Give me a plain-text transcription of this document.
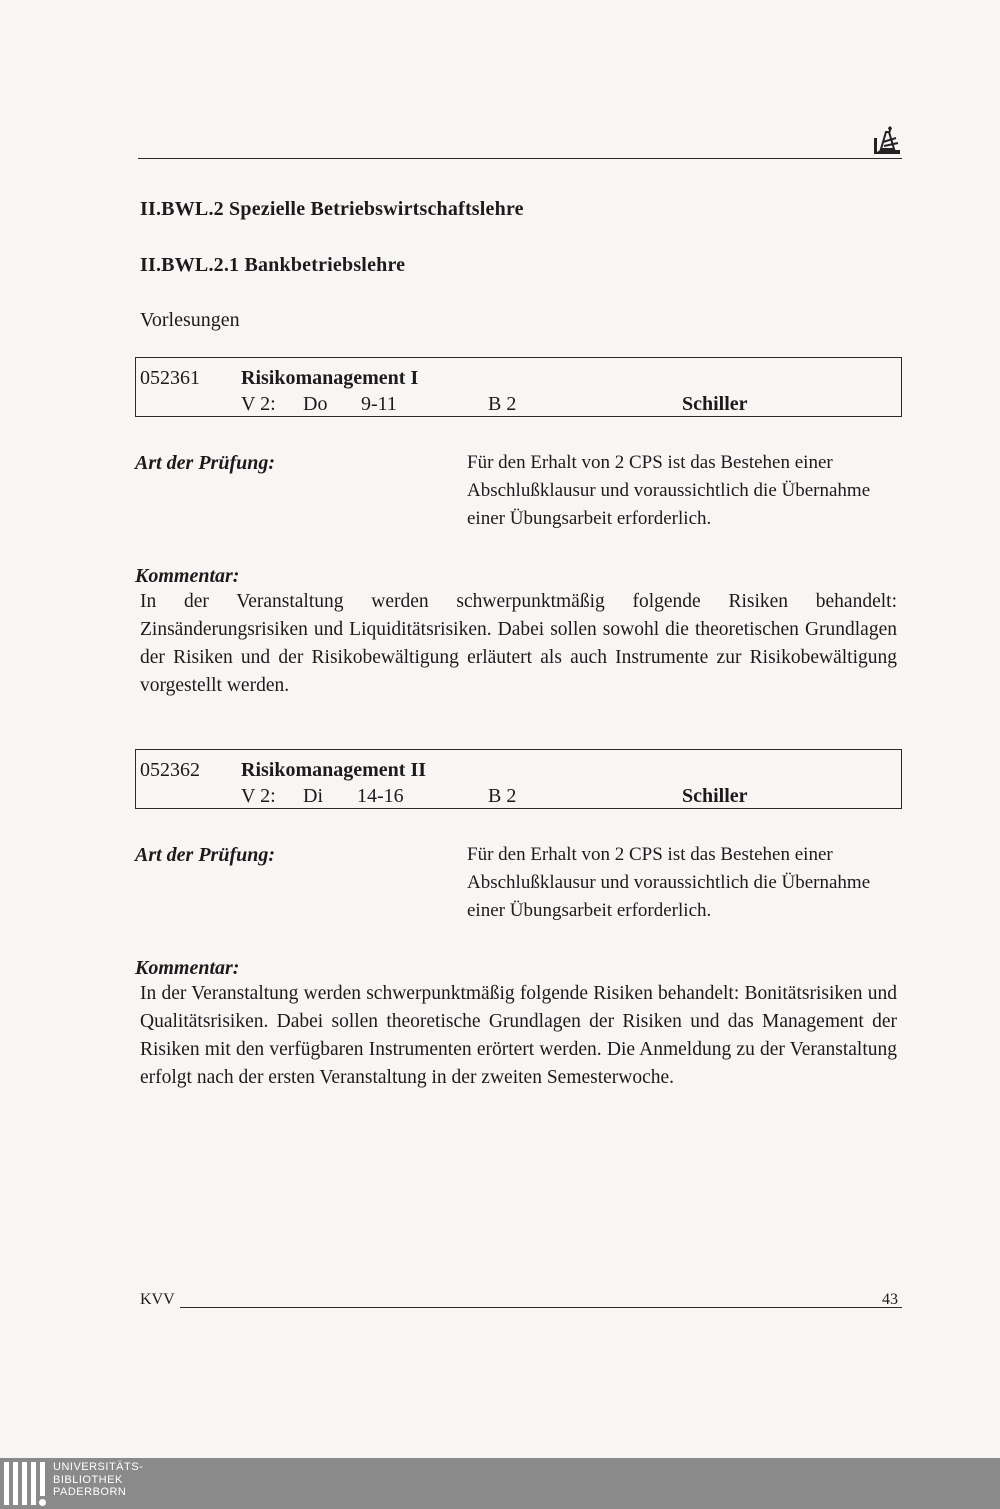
II.BWL.2 Spezielle Betriebswirtschaftslehre
II.BWL.2.1 Bankbetriebslehre
Vorlesungen
052361 Risikomanagement I
V 2: Do 9-11	B 2	Schiller
Art der Prüfung:	Für den Erhalt von 2 CPS ist das Bestehen einer Abschlußklausur und voraussichtlich die Übernahme einer Übungsarbeit erforderlich.
Kommentar:
In der Veranstaltung werden schwerpunktmäßig folgende Risiken behandelt: Zinsänderungsrisiken und Liquiditätsrisiken. Dabei sollen sowohl die theoretischen Grundlagen der Risiken und der Risikobewältigung erläutert als auch Instrumente zur Risikobewältigung vorgestellt werden.
052362 Risikomanagement II
V 2: Di 14-16	B 2	Schiller
Art der Prüfung:	Für den Erhalt von 2 CPS ist das Bestehen einer Abschlußklausur und voraussichtlich die Übernahme einer Übungsarbeit erforderlich.
Kommentar:
In der Veranstaltung werden schwerpunktmäßig folgende Risiken behandelt: Bonitätsrisiken und Qualitätsrisiken. Dabei sollen theoretische Grundlagen der Risiken und das Management der Risiken mit den verfügbaren Instrumenten erörtert werden. Die Anmeldung zu der Veranstaltung erfolgt nach der ersten Veranstaltung in der zweiten Semesterwoche.
KVV	43
UNIVERSITÄTS-
BIBLIOTHEK
PADERBORN
